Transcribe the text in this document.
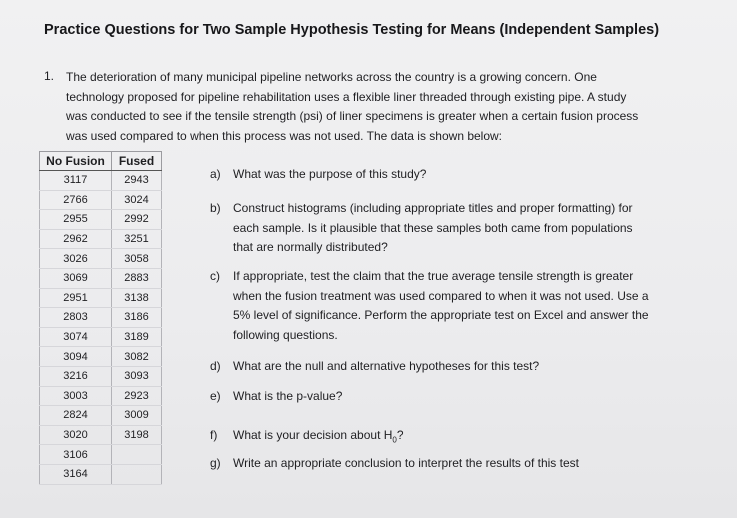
Practice Questions for Two Sample Hypothesis Testing for Means (Independent Samples)
1. The deterioration of many municipal pipeline networks across the country is a growing concern. One
technology proposed for pipeline rehabilitation uses a flexible liner threaded through existing pipe. A study
was conducted to see if the tensile strength (psi) of liner specimens is greater when a certain fusion process
was used compared to when this process was not used. The data is shown below:
No Fusion	Fused
3117	2943
2766	3024
2955	2992
2962	3251
3026	3058
3069	2883
2951	3138
2803	3186
3074	3189
3094	3082
3216	3093
3003	2923
2824	3009
3020	3198
3106	
3164	
a) What was the purpose of this study?
b) Construct histograms (including appropriate titles and proper formatting) for
each sample. Is it plausible that these samples both came from populations
that are normally distributed?
c) If appropriate, test the claim that the true average tensile strength is greater
when the fusion treatment was used compared to when it was not used. Use a
5% level of significance. Perform the appropriate test on Excel and answer the
following questions.
d) What are the null and alternative hypotheses for this test?
e) What is the p-value?
f) What is your decision about $H_0$?
g) Write an appropriate conclusion to interpret the results of this test
